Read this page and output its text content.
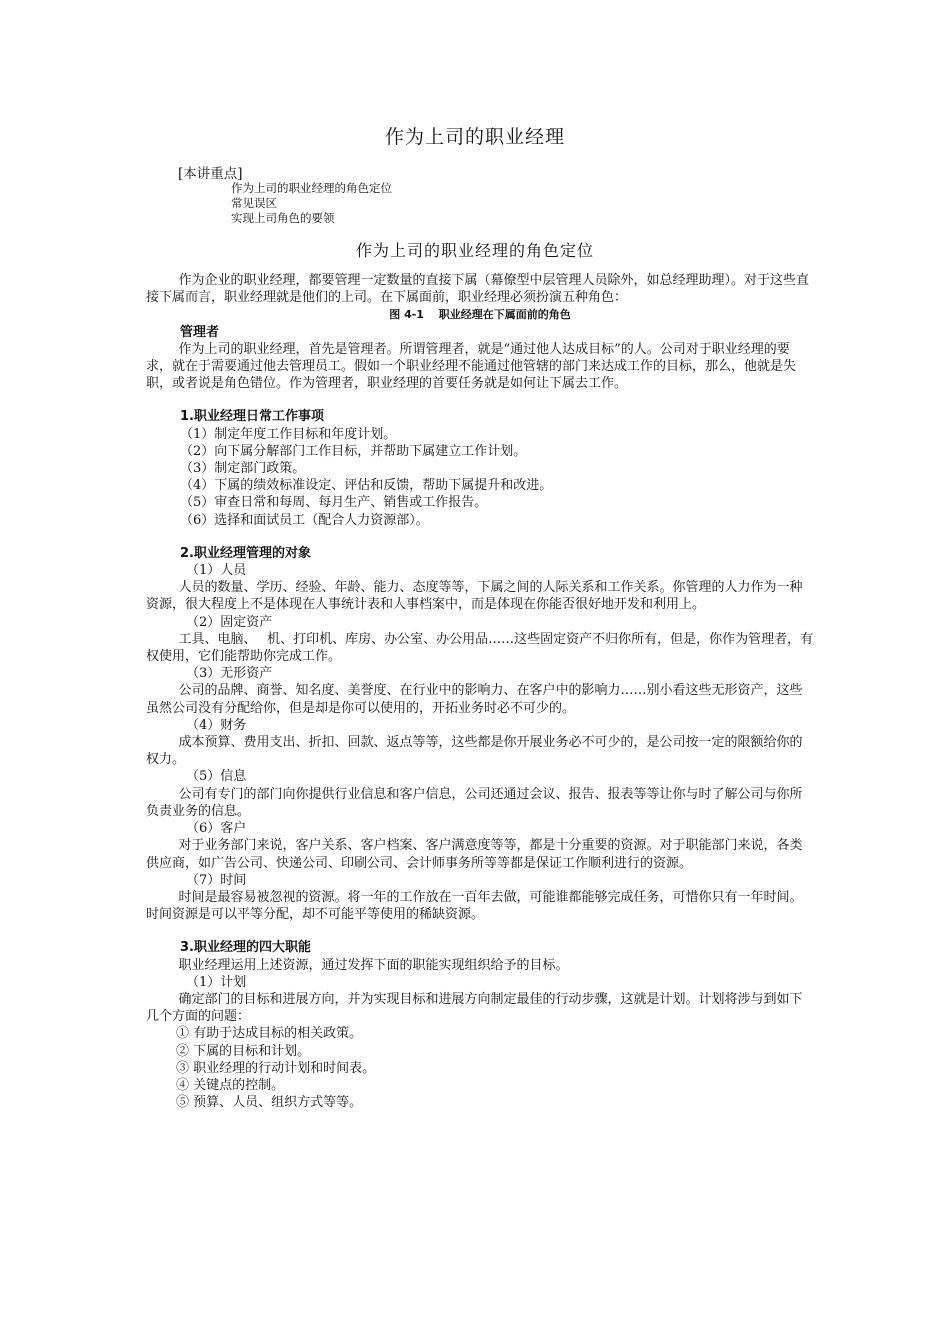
作为上司的职业经理
[本讲重点]
作为上司的职业经理的角色定位
常见误区
实现上司角色的要领
作为上司的职业经理的角色定位

作为企业的职业经理，都要管理一定数量的直接下属（幕僚型中层管理人员除外，如总经理助理）。对于这些直接下属而言，职业经理就是他们的上司。在下属面前，职业经理必须扮演五种角色：

图 4-1　 职业经理在下属面前的角色

管理者

作为上司的职业经理，首先是管理者。所谓管理者，就是“通过他人达成目标”的人。公司对于职业经理的要求，就在于需要通过他去管理员工。假如一个职业经理不能通过他管辖的部门来达成工作的目标，那么，他就是失职，或者说是角色错位。作为管理者，职业经理的首要任务就是如何让下属去工作。

1.职业经理日常工作事项
（1）制定年度工作目标和年度计划。
（2）向下属分解部门工作目标，并帮助下属建立工作计划。
（3）制定部门政策。
（4）下属的绩效标准设定、评估和反馈，帮助下属提升和改进。
（5）审查日常和每周、每月生产、销售或工作报告。
（6）选择和面试员工（配合人力资源部）。
2.职业经理管理的对象
（1）人员

人员的数量、学历、经验、年龄、能力、态度等等，下属之间的人际关系和工作关系。你管理的人力作为一种资源，很大程度上不是体现在人事统计表和人事档案中，而是体现在你能否很好地开发和利用上。

（2）固定资产

工具、电脑、　 机、打印机、库房、办公室、办公用品……这些固定资产不归你所有，但是，你作为管理者，有权使用，它们能帮助你完成工作。

（3）无形资产

公司的品牌、商誉、知名度、美誉度、在行业中的影响力、在客户中的影响力……别小看这些无形资产，这些虽然公司没有分配给你，但是却是你可以使用的，开拓业务时必不可少的。

（4）财务

成本预算、费用支出、折扣、回款、返点等等，这些都是你开展业务必不可少的，是公司按一定的限额给你的权力。

（5）信息

公司有专门的部门向你提供行业信息和客户信息，公司还通过会议、报告、报表等等让你与时了解公司与你所负责业务的信息。

（6）客户

对于业务部门来说，客户关系、客户档案、客户满意度等等，都是十分重要的资源。对于职能部门来说，各类供应商，如广告公司、快递公司、印刷公司、会计师事务所等等都是保证工作顺利进行的资源。

（7）时间

时间是最容易被忽视的资源。将一年的工作放在一百年去做，可能谁都能够完成任务，可惜你只有一年时间。时间资源是可以平等分配，却不可能平等使用的稀缺资源。

3.职业经理的四大职能

职业经理运用上述资源，通过发挥下面的职能实现组织给予的目标。

（1）计划

确定部门的目标和进展方向，并为实现目标和进展方向制定最佳的行动步骤，这就是计划。计划将涉与到如下几个方面的问题：

① 有助于达成目标的相关政策。
② 下属的目标和计划。
③ 职业经理的行动计划和时间表。
④ 关键点的控制。
⑤ 预算、人员、组织方式等等。
